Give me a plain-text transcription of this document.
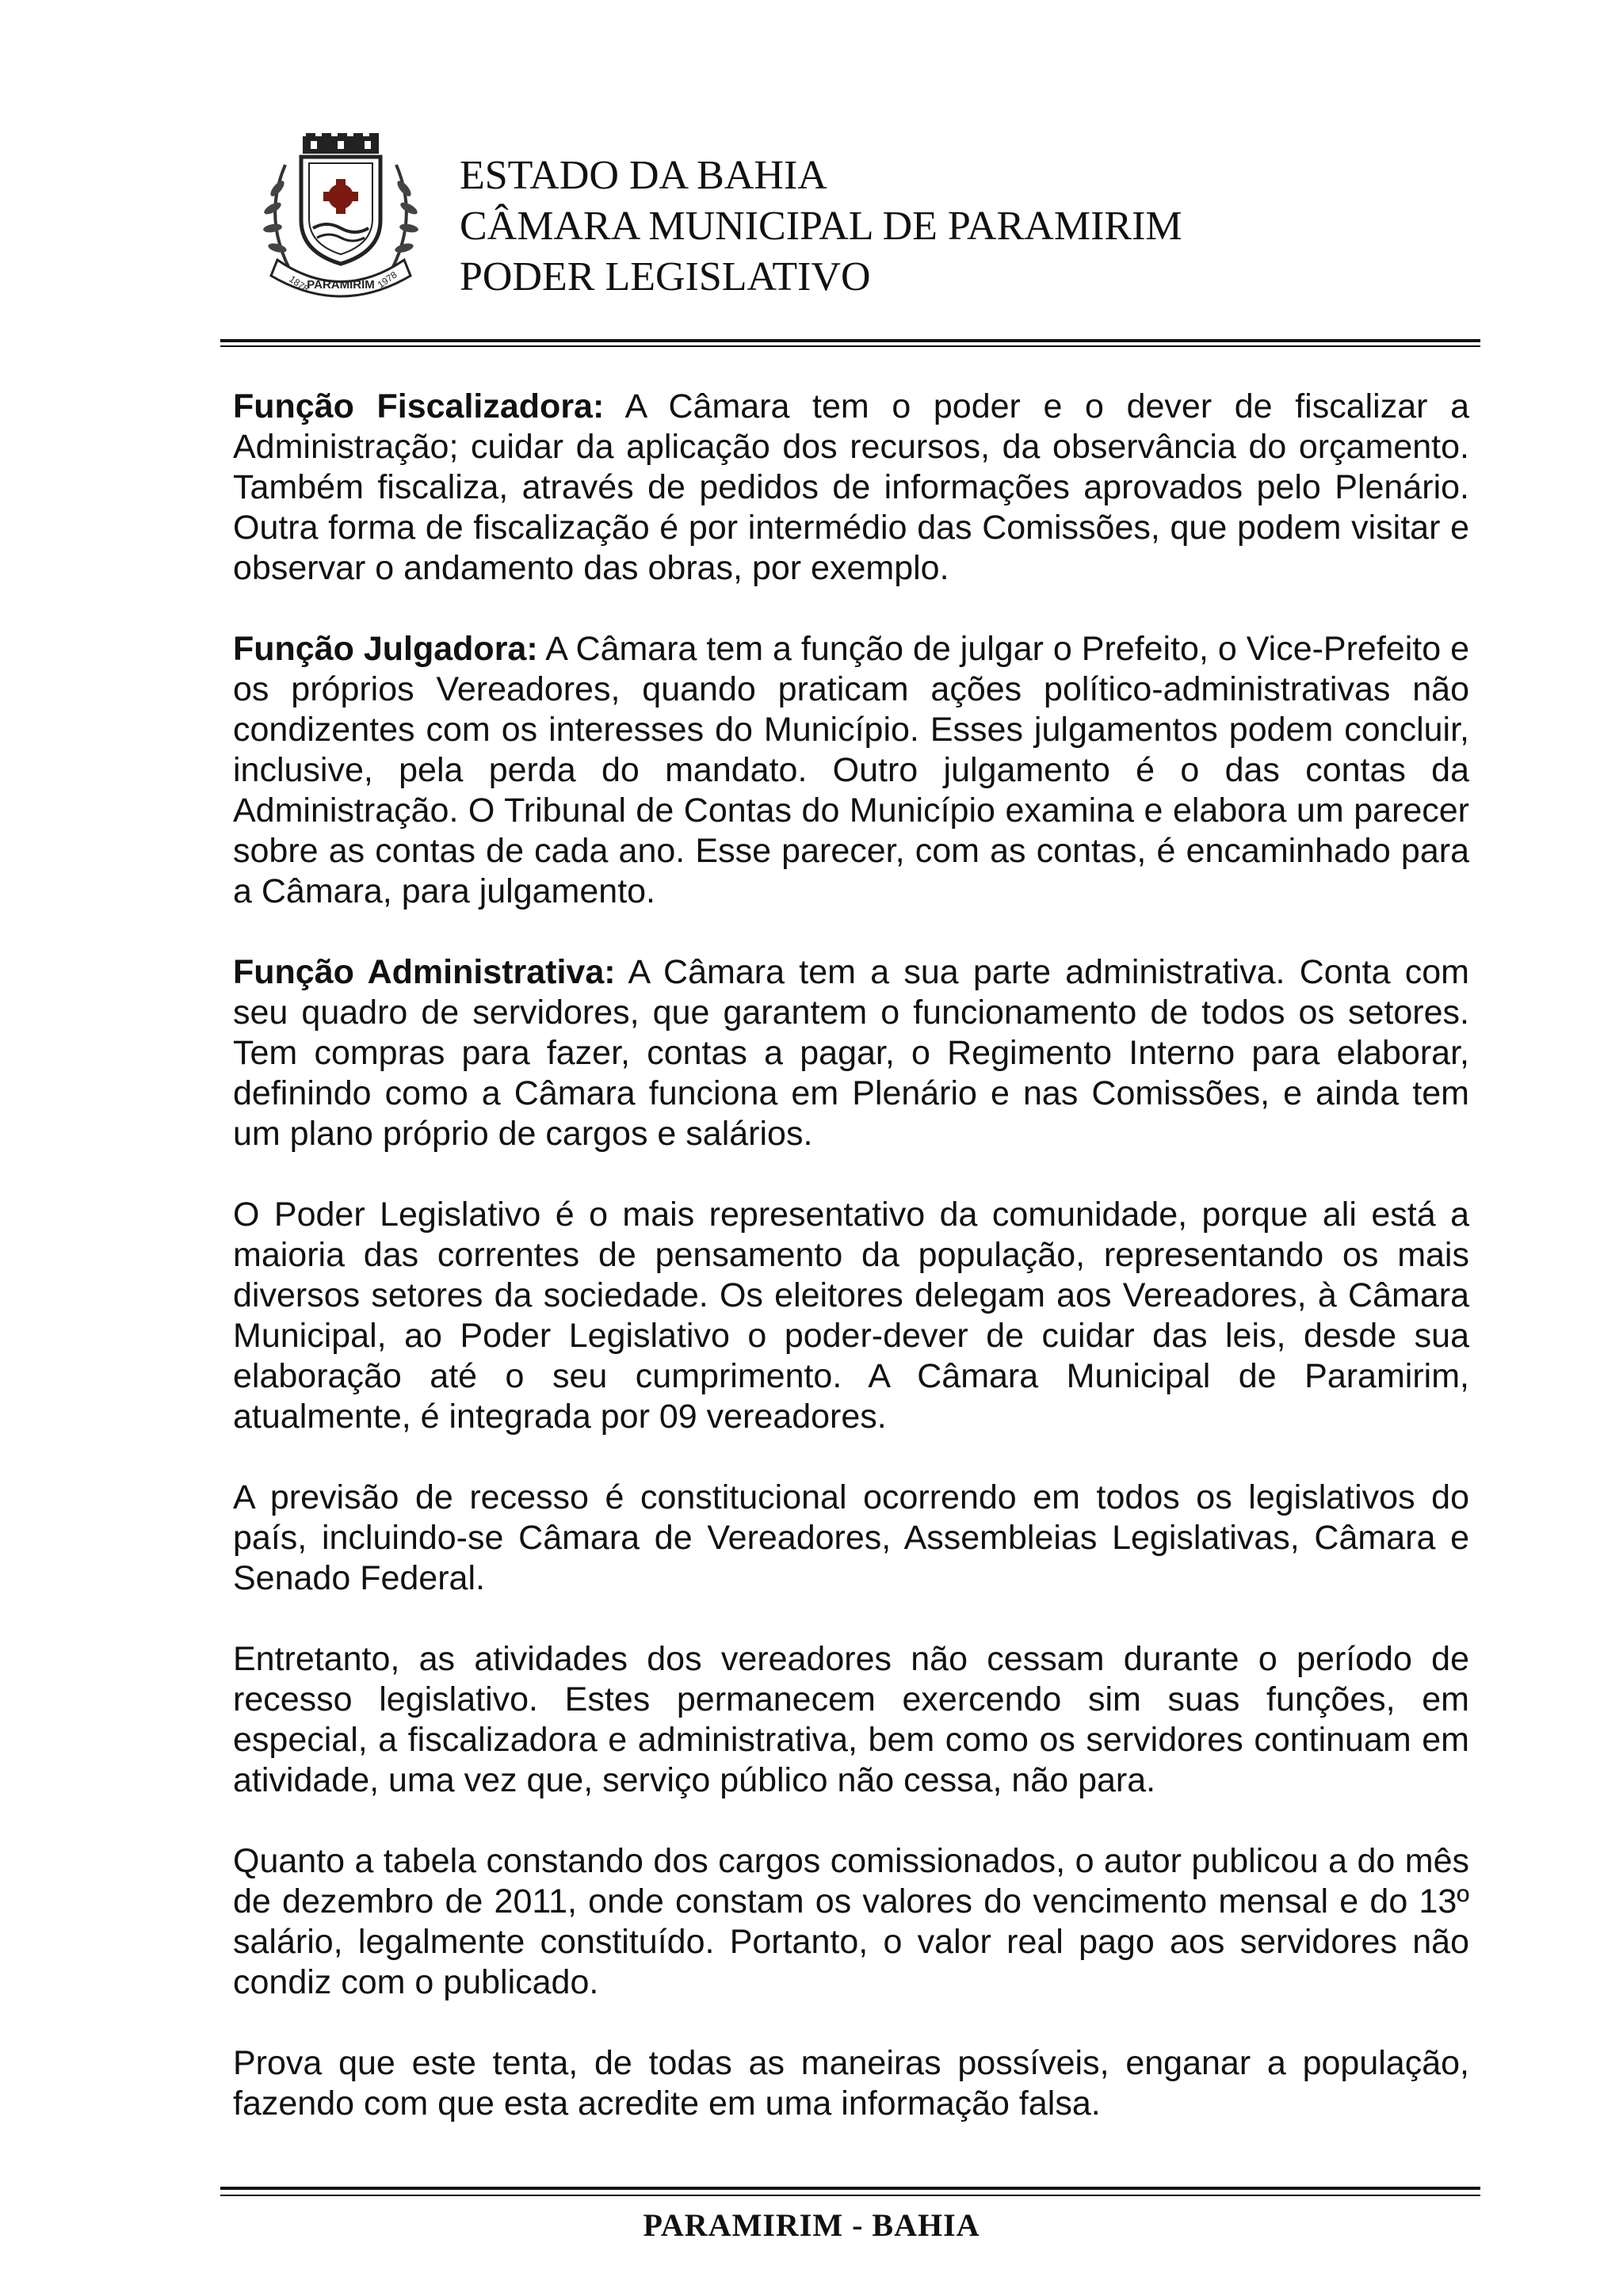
ESTADO DA BAHIA
CÂMARA MUNICIPAL DE PARAMIRIM
PODER LEGISLATIVO
PARAMIRIM
1878	1978

Função Fiscalizadora: A Câmara tem o poder e o dever de fiscalizar a Administração; cuidar da aplicação dos recursos, da observância do orçamento. Também fiscaliza, através de pedidos de informações aprovados pelo Plenário. Outra forma de fiscalização é por intermédio das Comissões, que podem visitar e observar o andamento das obras, por exemplo.

Função Julgadora: A Câmara tem a função de julgar o Prefeito, o Vice-Prefeito e os próprios Vereadores, quando praticam ações político-administrativas não condizentes com os interesses do Município. Esses julgamentos podem concluir, inclusive, pela perda do mandato. Outro julgamento é o das contas da Administração. O Tribunal de Contas do Município examina e elabora um parecer sobre as contas de cada ano. Esse parecer, com as contas, é encaminhado para a Câmara, para julgamento.

Função Administrativa: A Câmara tem a sua parte administrativa. Conta com seu quadro de servidores, que garantem o funcionamento de todos os setores. Tem compras para fazer, contas a pagar, o Regimento Interno para elaborar, definindo como a Câmara funciona em Plenário e nas Comissões, e ainda tem um plano próprio de cargos e salários.

O Poder Legislativo é o mais representativo da comunidade, porque ali está a maioria das correntes de pensamento da população, representando os mais diversos setores da sociedade. Os eleitores delegam aos Vereadores, à Câmara Municipal, ao Poder Legislativo o poder-dever de cuidar das leis, desde sua elaboração até o seu cumprimento. A Câmara Municipal de Paramirim, atualmente, é integrada por 09 vereadores.

A previsão de recesso é constitucional ocorrendo em todos os legislativos do país, incluindo-se Câmara de Vereadores, Assembleias Legislativas, Câmara e Senado Federal.

Entretanto, as atividades dos vereadores não cessam durante o período de recesso legislativo. Estes permanecem exercendo sim suas funções, em especial, a fiscalizadora e administrativa, bem como os servidores continuam em atividade, uma vez que, serviço público não cessa, não para.

Quanto a tabela constando dos cargos comissionados, o autor publicou a do mês de dezembro de 2011, onde constam os valores do vencimento mensal e do 13º salário, legalmente constituído. Portanto, o valor real pago aos servidores não condiz com o publicado.

Prova que este tenta, de todas as maneiras possíveis, enganar a população, fazendo com que esta acredite em uma informação falsa.

PARAMIRIM - BAHIA
